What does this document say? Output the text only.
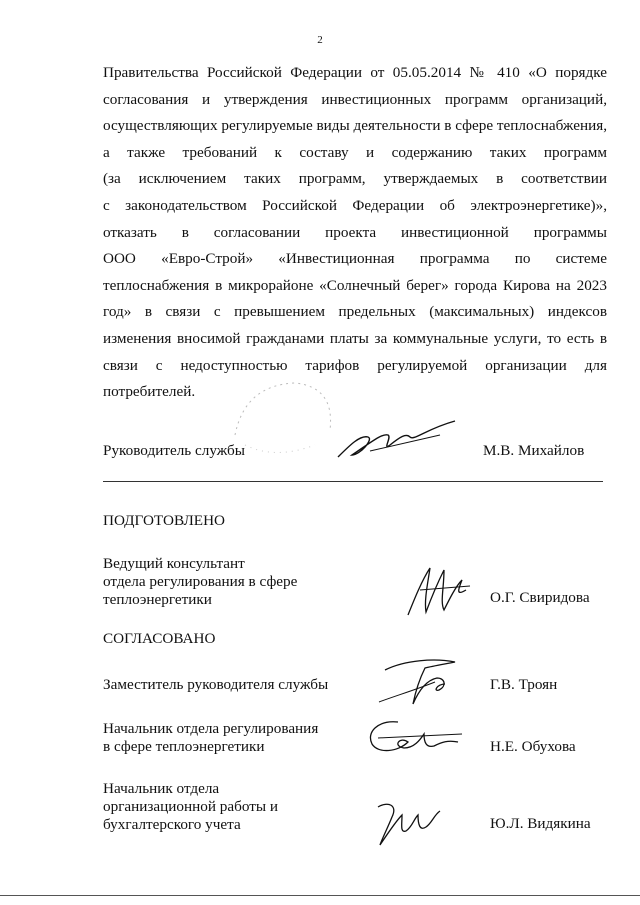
2
Правительства Российской Федерации от 05.05.2014 № 410 «О порядке
согласования и утверждения инвестиционных программ организаций,
осуществляющих регулируемые виды деятельности в сфере теплоснабжения,
а также требований к составу и содержанию таких программ
(за исключением таких программ, утверждаемых в соответствии
с законодательством Российской Федерации об электроэнергетике)»,
отказать в согласовании проекта инвестиционной программы
ООО «Евро-Строй» «Инвестиционная программа по системе
теплоснабжения в микрорайоне «Солнечный берег» города Кирова на 2023
год» в связи с превышением предельных (максимальных) индексов
изменения вносимой гражданами платы за коммунальные услуги, то есть в
связи с недоступностью тарифов регулируемой организации для
потребителей.
Руководитель службы	М.В. Михайлов
ПОДГОТОВЛЕНО
Ведущий консультант
отдела регулирования в сфере
теплоэнергетики	О.Г. Свиридова
СОГЛАСОВАНО
Заместитель руководителя службы	Г.В. Троян
Начальник отдела регулирования
в сфере теплоэнергетики	Н.Е. Обухова
Начальник отдела
организационной работы и
бухгалтерского учета	Ю.Л. Видякина
